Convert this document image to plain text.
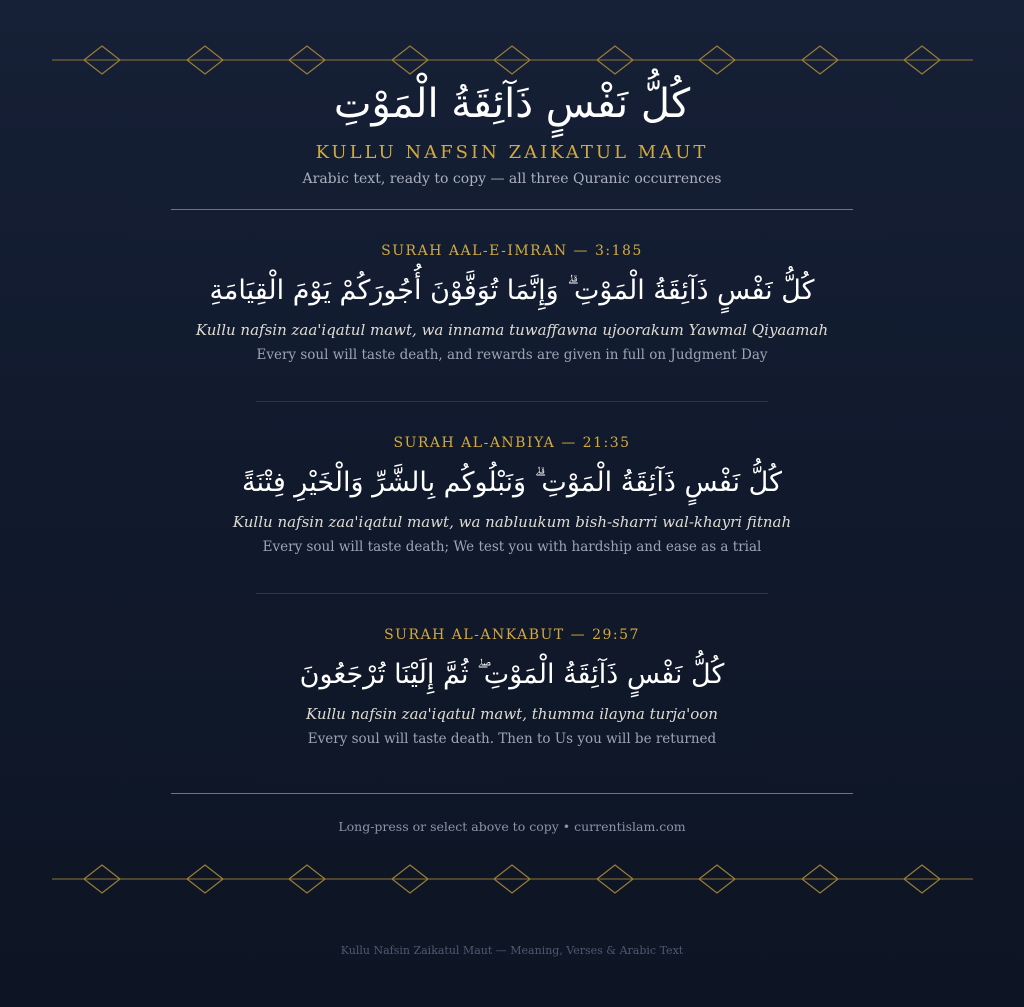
كُلُّ نَفْسٍ ذَآئِقَةُ الْمَوْتِ
KULLU NAFSIN ZAIKATUL MAUT
Arabic text, ready to copy — all three Quranic occurrences
SURAH AAL-E-IMRAN — 3:185
كُلُّ نَفْسٍ ذَآئِقَةُ الْمَوْتِ ۗ وَإِنَّمَا تُوَفَّوْنَ أُجُورَكُمْ يَوْمَ الْقِيَامَةِ
Kullu nafsin zaa'iqatul mawt, wa innama tuwaffawna ujoorakum Yawmal Qiyaamah
Every soul will taste death, and rewards are given in full on Judgment Day
SURAH AL-ANBIYA — 21:35
كُلُّ نَفْسٍ ذَآئِقَةُ الْمَوْتِ ۗ وَنَبْلُوكُم بِالشَّرِّ وَالْخَيْرِ فِتْنَةً
Kullu nafsin zaa'iqatul mawt, wa nabluukum bish-sharri wal-khayri fitnah
Every soul will taste death; We test you with hardship and ease as a trial
SURAH AL-ANKABUT — 29:57
كُلُّ نَفْسٍ ذَآئِقَةُ الْمَوْتِ ۖ ثُمَّ إِلَيْنَا تُرْجَعُونَ
Kullu nafsin zaa'iqatul mawt, thumma ilayna turja'oon
Every soul will taste death. Then to Us you will be returned
Long-press or select above to copy • currentislam.com
Kullu Nafsin Zaikatul Maut — Meaning, Verses & Arabic Text
